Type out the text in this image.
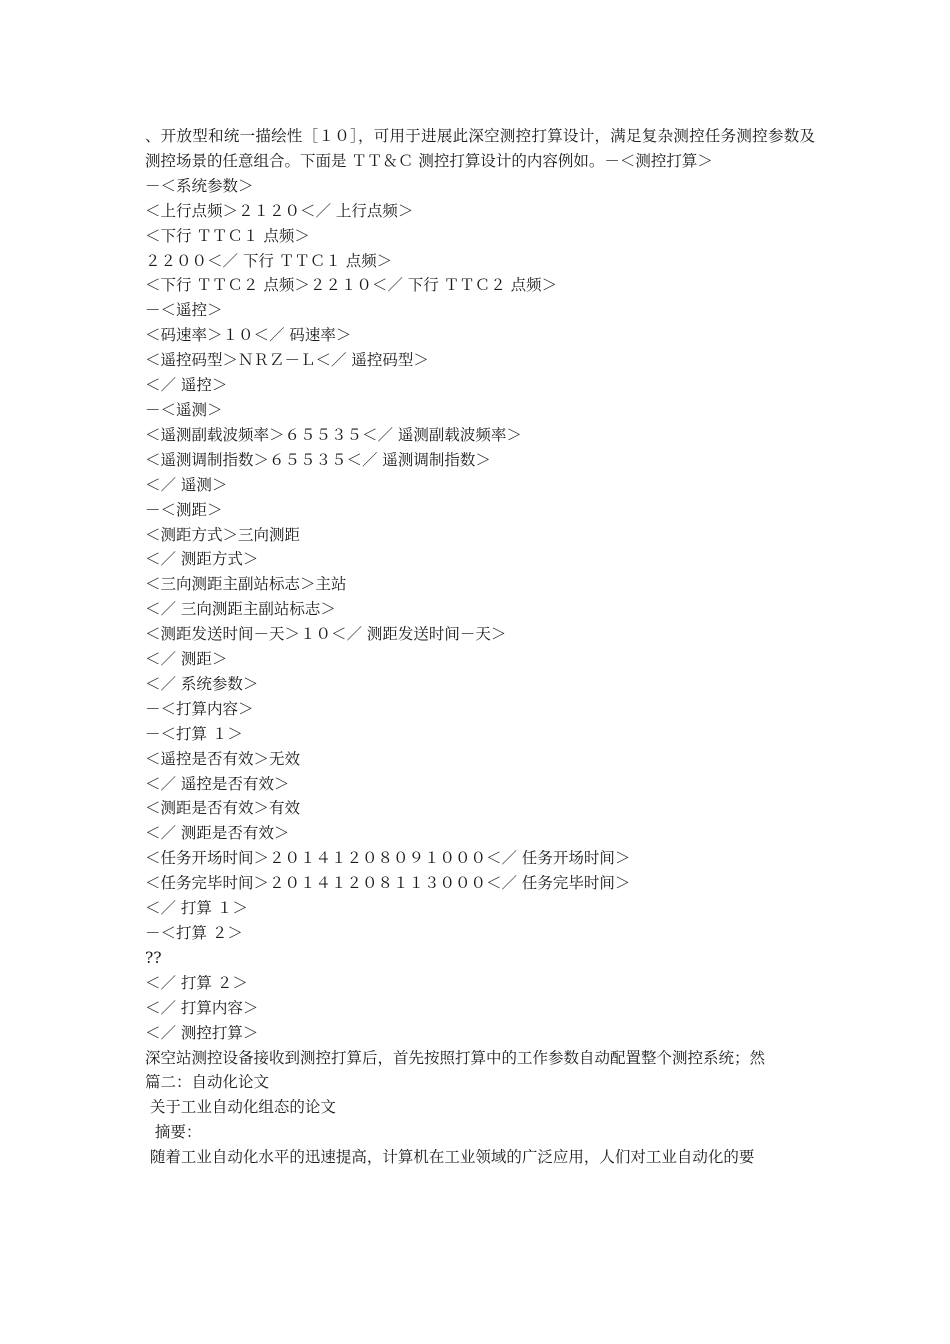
、开放型和统一描绘性［１０］，可用于进展此深空测控打算设计，满足复杂测控任务测控参数及测控场景的任意组合。下面是 ＴＴ＆Ｃ 测控打算设计的内容例如。－＜测控打算＞

－＜系统参数＞

＜上行点频＞２１２０＜／ 上行点频＞

＜下行 ＴＴＣ１ 点频＞

２２００＜／ 下行 ＴＴＣ１ 点频＞

＜下行 ＴＴＣ２ 点频＞２２１０＜／ 下行 ＴＴＣ２ 点频＞

－＜遥控＞

＜码速率＞１０＜／ 码速率＞

＜遥控码型＞ＮＲＺ－Ｌ＜／ 遥控码型＞

＜／ 遥控＞

－＜遥测＞

＜遥测副载波频率＞６５５３５＜／ 遥测副载波频率＞

＜遥测调制指数＞６５５３５＜／ 遥测调制指数＞

＜／ 遥测＞

－＜测距＞

＜测距方式＞三向测距

＜／ 测距方式＞

＜三向测距主副站标志＞主站

＜／ 三向测距主副站标志＞

＜测距发送时间－天＞１０＜／ 测距发送时间－天＞

＜／ 测距＞

＜／ 系统参数＞

－＜打算内容＞

－＜打算 １＞

＜遥控是否有效＞无效

＜／ 遥控是否有效＞

＜测距是否有效＞有效

＜／ 测距是否有效＞

＜任务开场时间＞２０１４１２０８０９１０００＜／ 任务开场时间＞

＜任务完毕时间＞２０１４１２０８１１３０００＜／ 任务完毕时间＞

＜／ 打算 １＞

－＜打算 ２＞

??

＜／ 打算 ２＞

＜／ 打算内容＞

＜／ 测控打算＞

深空站测控设备接收到测控打算后，首先按照打算中的工作参数自动配置整个测控系统；然

篇二：自动化论文

关于工业自动化组态的论文

摘要：

随着工业自动化水平的迅速提高，计算机在工业领域的广泛应用，人们对工业自动化的要
